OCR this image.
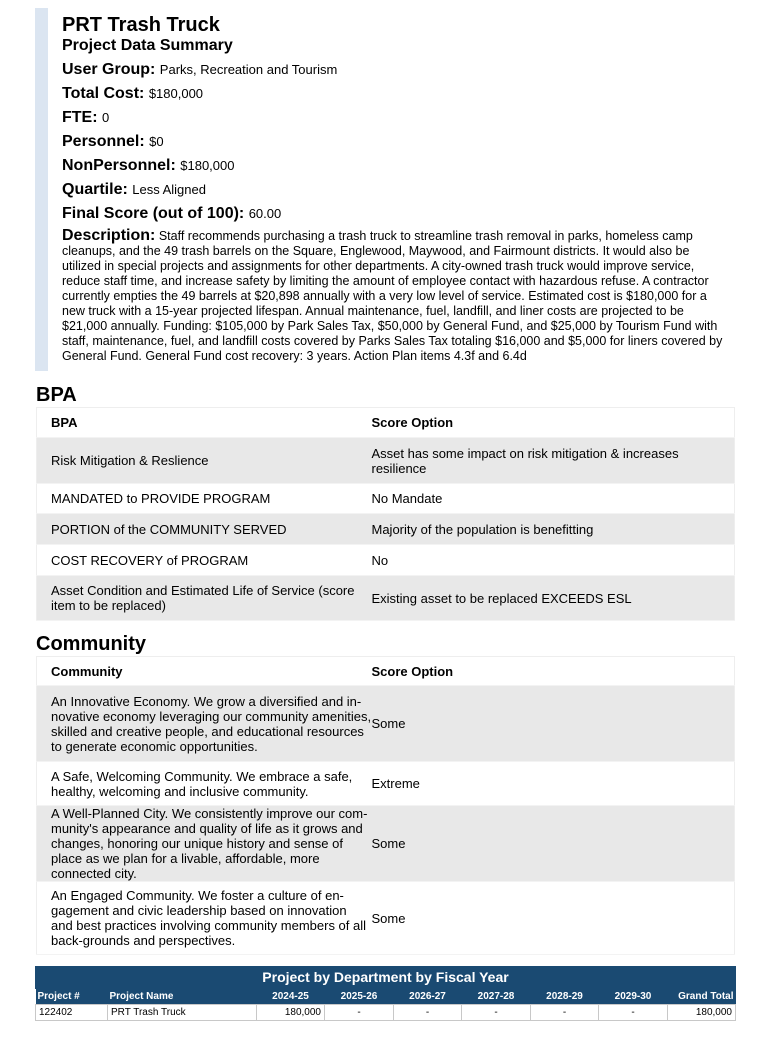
PRT Trash Truck
Project Data Summary
User Group: Parks, Recreation and Tourism
Total Cost: $180,000
FTE: 0
Personnel: $0
NonPersonnel: $180,000
Quartile: Less Aligned
Final Score (out of 100): 60.00
Description: Staff recommends purchasing a trash truck to streamline trash removal in parks, homeless camp cleanups, and the 49 trash barrels on the Square, Englewood, Maywood, and Fairmount districts. It would also be utilized in special projects and assignments for other departments. A city-owned trash truck would improve service, reduce staff time, and increase safety by limiting the amount of employee contact with hazardous refuse. A contractor currently empties the 49 barrels at $20,898 annually with a very low level of service. Estimated cost is $180,000 for a new truck with a 15-year projected lifespan. Annual maintenance, fuel, landfill, and liner costs are projected to be $21,000 annually. Funding: $105,000 by Park Sales Tax, $50,000 by General Fund, and $25,000 by Tourism Fund with staff, maintenance, fuel, and landfill costs covered by Parks Sales Tax totaling $16,000 and $5,000 for liners covered by General Fund. General Fund cost recovery: 3 years. Action Plan items 4.3f and 6.4d
BPA
BPA	Score Option
Risk Mitigation & Reslience	Asset has some impact on risk mitigation & increases resilience
MANDATED to PROVIDE PROGRAM	No Mandate
PORTION of the COMMUNITY SERVED	Majority of the population is benefitting
COST RECOVERY of PROGRAM	No
Asset Condition and Estimated Life of Service (score item to be replaced)	Existing asset to be replaced EXCEEDS ESL
Community
Community	Score Option
An Innovative Economy. We grow a diversified and in-novative economy leveraging our community amenities, skilled and creative people, and educational resources to generate economic opportunities.	Some
A Safe, Welcoming Community. We embrace a safe, healthy, welcoming and inclusive community.	Extreme
A Well-Planned City. We consistently improve our com-munity's appearance and quality of life as it grows and changes, honoring our unique history and sense of place as we plan for a livable, affordable, more connected city.	Some
An Engaged Community. We foster a culture of en-gagement and civic leadership based on innovation and best practices involving community members of all back-grounds and perspectives.	Some
Project by Department by Fiscal Year
Project #	Project Name	2024-25	2025-26	2026-27	2027-28	2028-29	2029-30	Grand Total
122402	PRT Trash Truck	180,000	-	-	-	-	-	180,000
